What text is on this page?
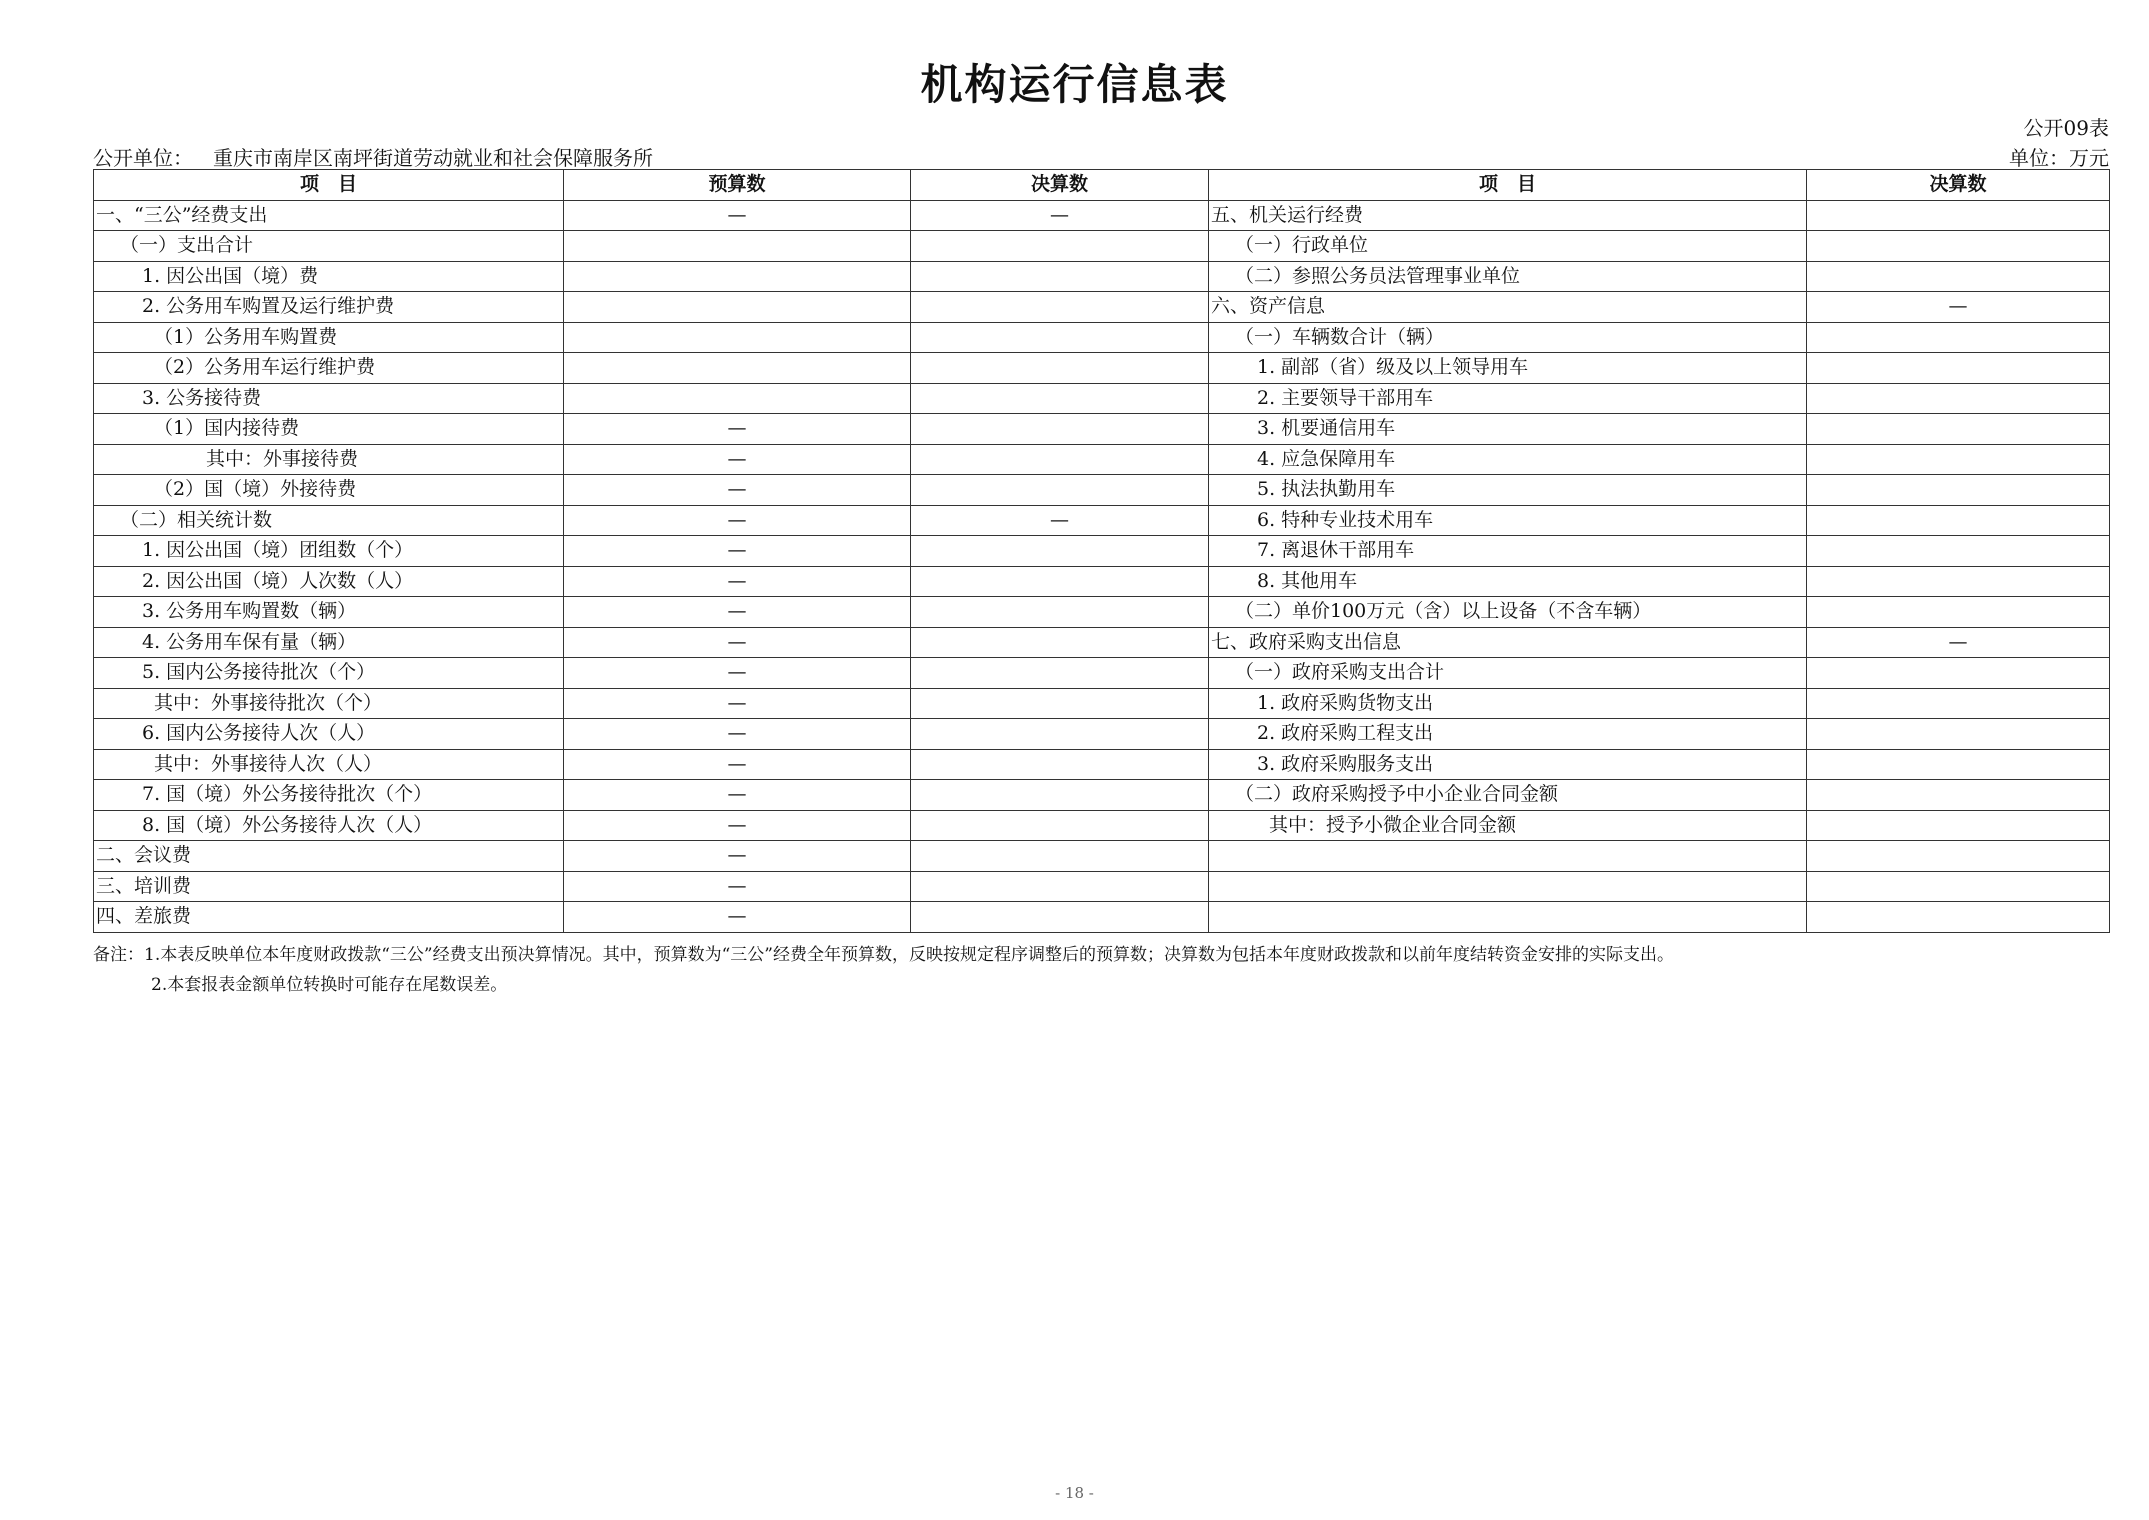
机构运行信息表
公开09表
公开单位： 重庆市南岸区南坪街道劳动就业和社会保障服务所	单位：万元
项　目	预算数	决算数	项　目	决算数
一、“三公”经费支出	—	—	五、机关运行经费	
（一）支出合计			（一）行政单位	
1. 因公出国（境）费			（二）参照公务员法管理事业单位	
2. 公务用车购置及运行维护费			六、资产信息	—
（1）公务用车购置费			（一）车辆数合计（辆）	
（2）公务用车运行维护费			1. 副部（省）级及以上领导用车	
3. 公务接待费			2. 主要领导干部用车	
（1）国内接待费	—		3. 机要通信用车	
其中：外事接待费	—		4. 应急保障用车	
（2）国（境）外接待费	—		5. 执法执勤用车	
（二）相关统计数	—	—	6. 特种专业技术用车	
1. 因公出国（境）团组数（个）	—		7. 离退休干部用车	
2. 因公出国（境）人次数（人）	—		8. 其他用车	
3. 公务用车购置数（辆）	—		（二）单价100万元（含）以上设备（不含车辆）	
4. 公务用车保有量（辆）	—		七、政府采购支出信息	—
5. 国内公务接待批次（个）	—		（一）政府采购支出合计	
其中：外事接待批次（个）	—		1. 政府采购货物支出	
6. 国内公务接待人次（人）	—		2. 政府采购工程支出	
其中：外事接待人次（人）	—		3. 政府采购服务支出	
7. 国（境）外公务接待批次（个）	—		（二）政府采购授予中小企业合同金额	
8. 国（境）外公务接待人次（人）	—		其中：授予小微企业合同金额	
二、会议费	—			
三、培训费	—			
四、差旅费	—			
备注：1.本表反映单位本年度财政拨款“三公”经费支出预决算情况。其中，预算数为“三公”经费全年预算数，反映按规定程序调整后的预算数；决算数为包括本年度财政拨款和以前年度结转资金安排的实际支出。
2.本套报表金额单位转换时可能存在尾数误差。
- 18 -
